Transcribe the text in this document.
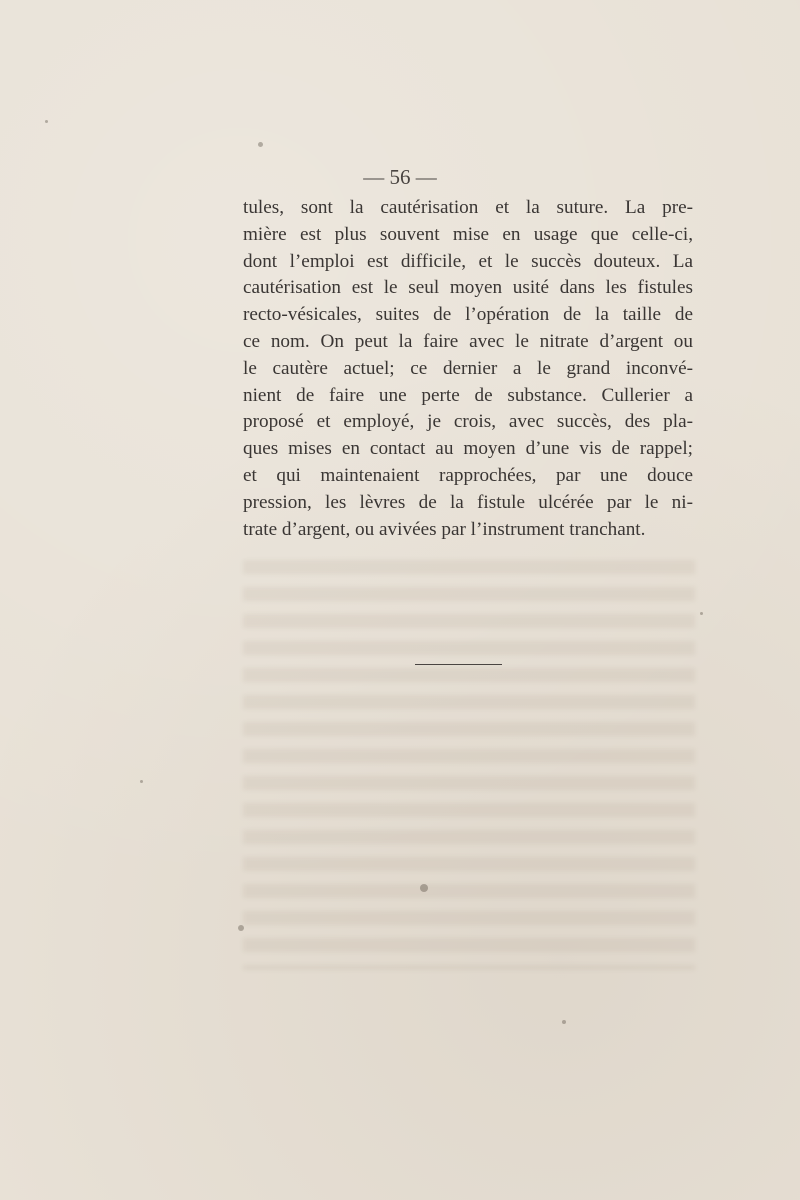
— 56 —

tules, sont la cautérisation et la suture. La pre-
mière est plus souvent mise en usage que celle-ci,
dont l’emploi est difficile, et le succès douteux. La
cautérisation est le seul moyen usité dans les fistules
recto-vésicales, suites de l’opération de la taille de
ce nom. On peut la faire avec le nitrate d’argent ou
le cautère actuel; ce dernier a le grand inconvé-
nient de faire une perte de substance. Cullerier a
proposé et employé, je crois, avec succès, des pla-
ques mises en contact au moyen d’une vis de rappel;
et qui maintenaient rapprochées, par une douce
pression, les lèvres de la fistule ulcérée par le ni-
trate d’argent, ou avivées par l’instrument tranchant.
